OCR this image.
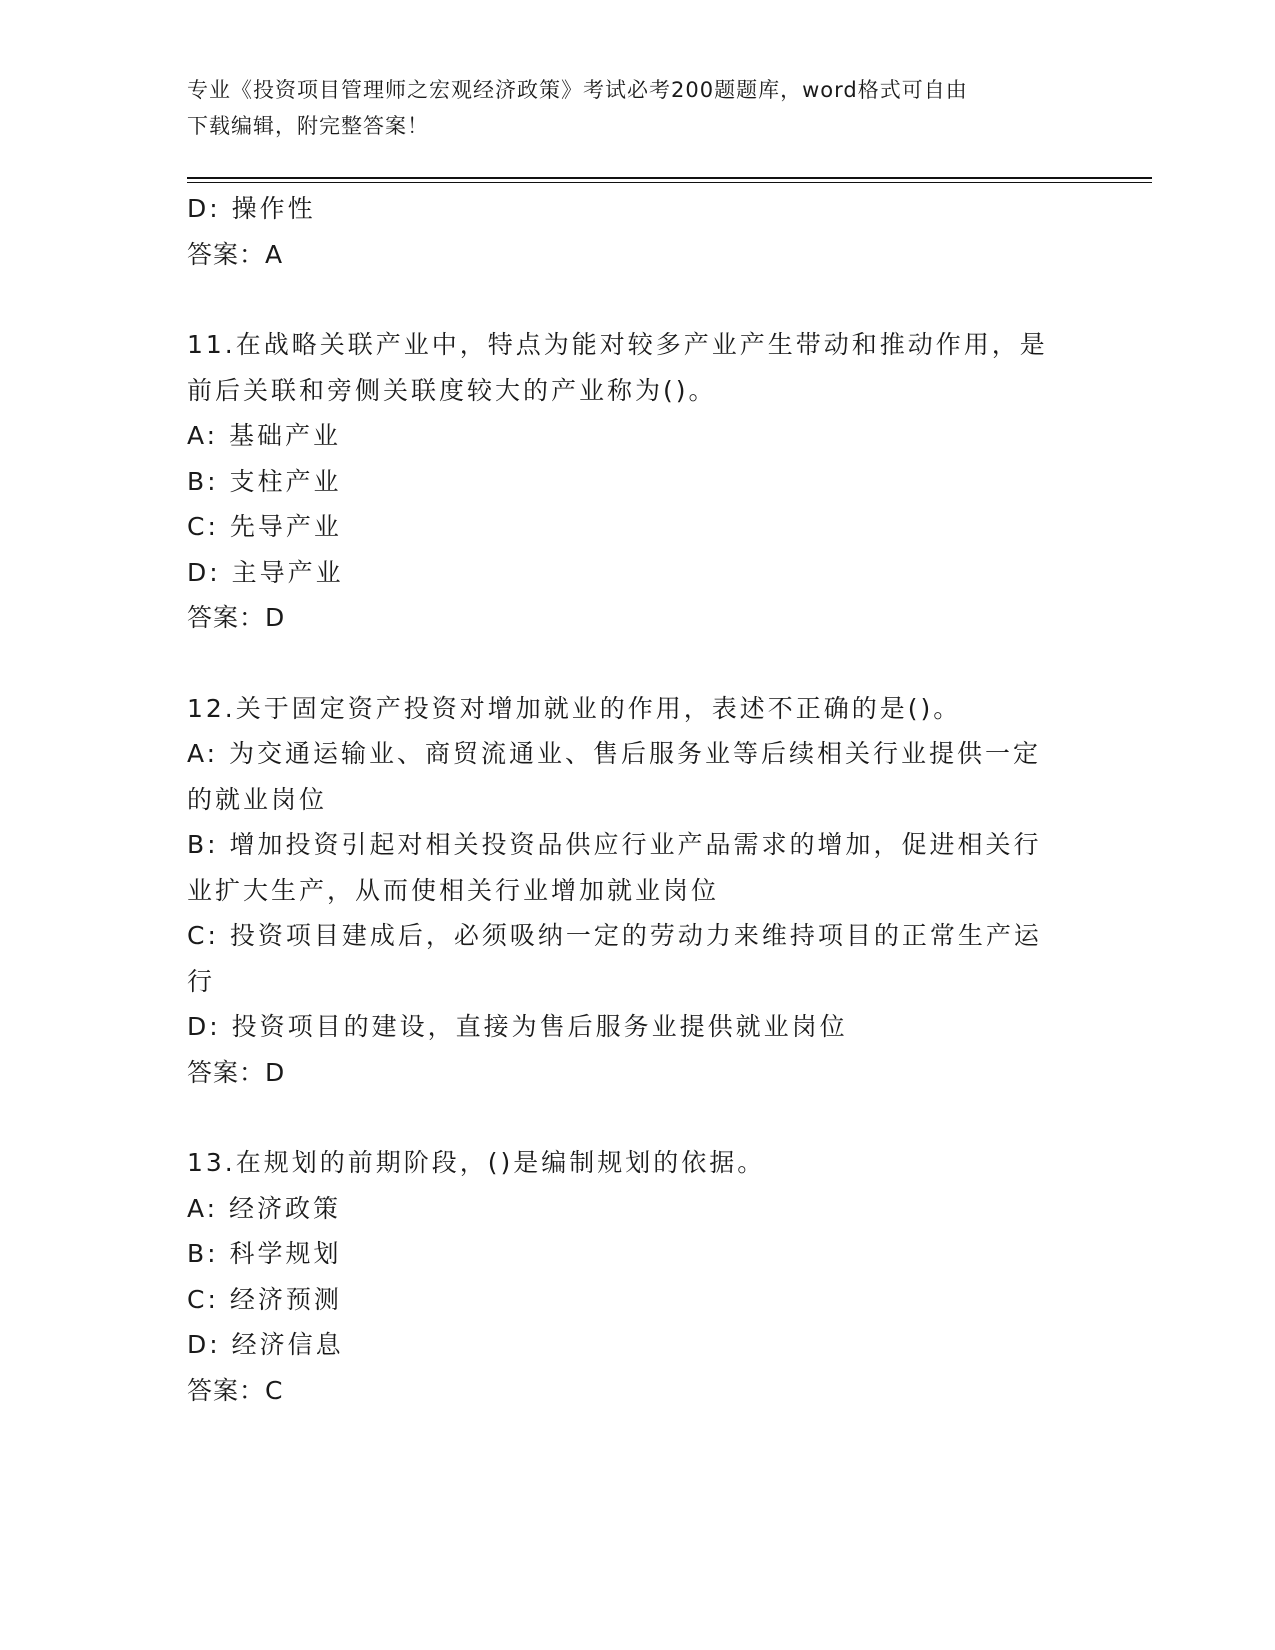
专业《投资项目管理师之宏观经济政策》考试必考200题题库，word格式可自由
下载编辑，附完整答案！
D: 操作性
答案：A
11.在战略关联产业中，特点为能对较多产业产生带动和推动作用，是
前后关联和旁侧关联度较大的产业称为()。
A: 基础产业
B: 支柱产业
C: 先导产业
D: 主导产业
答案：D
12.关于固定资产投资对增加就业的作用，表述不正确的是()。
A: 为交通运输业、商贸流通业、售后服务业等后续相关行业提供一定
的就业岗位
B: 增加投资引起对相关投资品供应行业产品需求的增加，促进相关行
业扩大生产，从而使相关行业增加就业岗位
C: 投资项目建成后，必须吸纳一定的劳动力来维持项目的正常生产运
行
D: 投资项目的建设，直接为售后服务业提供就业岗位
答案：D
13.在规划的前期阶段，()是编制规划的依据。
A: 经济政策
B: 科学规划
C: 经济预测
D: 经济信息
答案：C
